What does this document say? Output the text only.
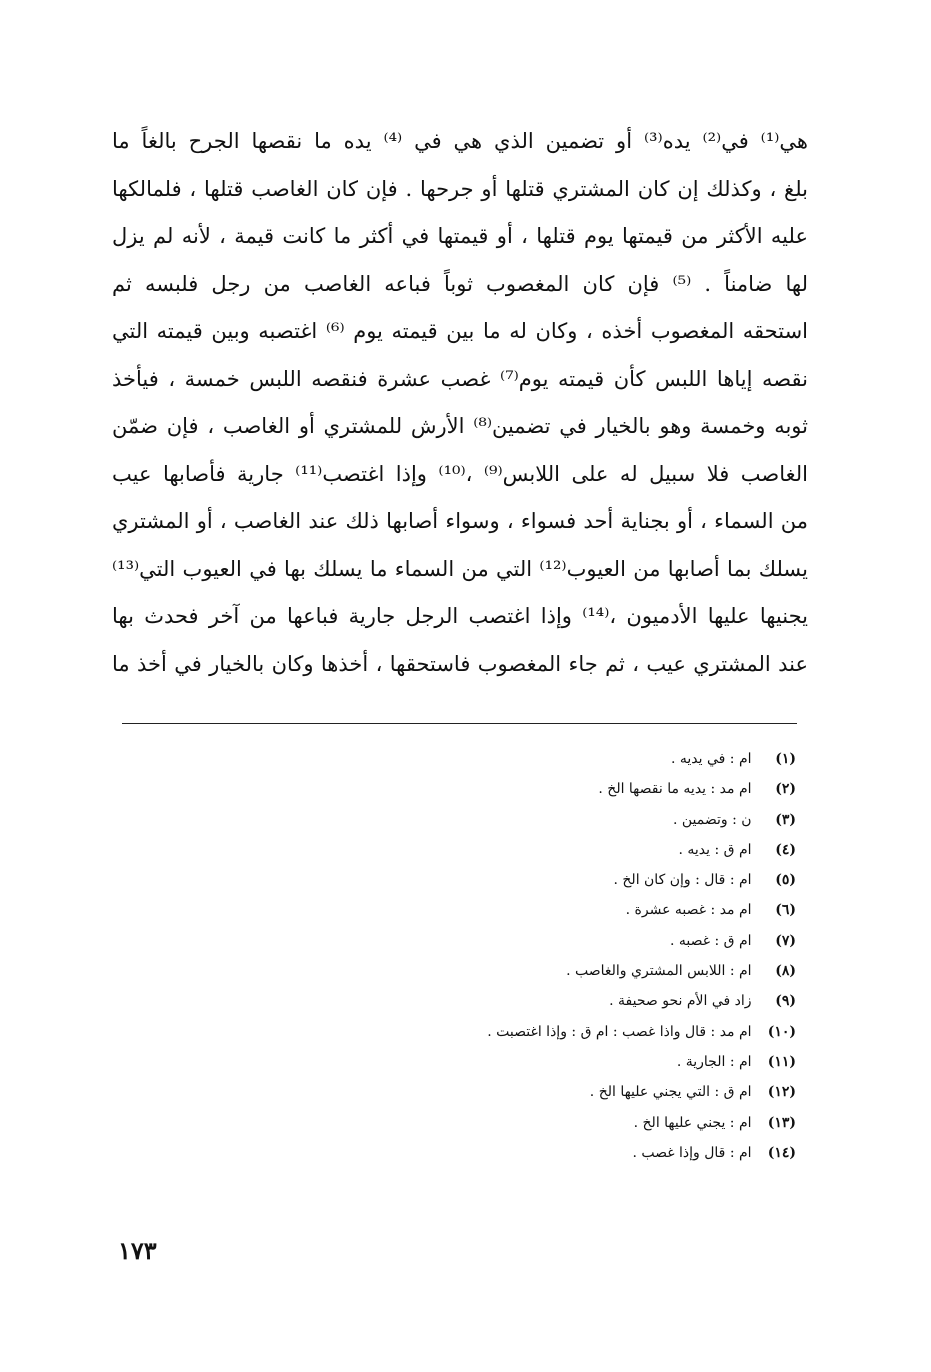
هي⁽¹⁾ في⁽²⁾ يده⁽³⁾ أو تضمين الذي هي في ⁽⁴⁾ يده ما نقصها الجرح بالغاً ما
بلغ ، وكذلك إن كان المشتري قتلها أو جرحها . فإن كان الغاصب قتلها ، فلمالكها
عليه الأكثر من قيمتها يوم قتلها ، أو قيمتها في أكثر ما كانت قيمة ، لأنه لم يزل
لها ضامناً . ⁽⁵⁾ فإن كان المغصوب ثوباً فباعه الغاصب من رجل فلبسه ثم
استحقه المغصوب أخذه ، وكان له ما بين قيمته يوم ⁽⁶⁾ اغتصبه وبين قيمته التي
نقصه إياها اللبس كأن قيمته يوم⁽⁷⁾ غصب عشرة فنقصه اللبس خمسة ، فيأخذ
ثوبه وخمسة وهو بالخيار في تضمين⁽⁸⁾ الأرش للمشتري أو الغاصب ، فإن ضمّن
الغاصب فلا سبيل له على اللابس⁽⁹⁾ ،⁽¹⁰⁾ وإذا اغتصب⁽¹¹⁾ جارية فأصابها عيب
من السماء ، أو بجناية أحد فسواء ، وسواء أصابها ذلك عند الغاصب ، أو المشتري
يسلك بما أصابها من العيوب⁽¹²⁾ التي من السماء ما يسلك بها في العيوب التي⁽¹³⁾
يجنيها عليها الأدميون ،⁽¹⁴⁾ وإذا اغتصب الرجل جارية فباعها من آخر فحدث بها
عند المشتري عيب ، ثم جاء المغصوب فاستحقها ، أخذها وكان بالخيار في أخذ ما
(١) ام : في يديه .
(٢) ام مد : يديه ما نقصها الخ .
(٣) ن : وتضمين .
(٤) ام ق : يديه .
(٥) ام : قال : وإن كان الخ .
(٦) ام مد : غصبه عشرة .
(٧) ام ق : غصبه .
(٨) ام : اللابس المشتري والغاصب .
(٩) زاد في الأم نحو صحيفة .
(١٠) ام مد : قال واذا غصب : ام ق : وإذا اغتصبت .
(١١) ام : الجارية .
(١٢) ام ق : التي يجني عليها الخ .
(١٣) ام : يجني عليها الخ .
(١٤) ام : قال وإذا غصب .
١٧٣
